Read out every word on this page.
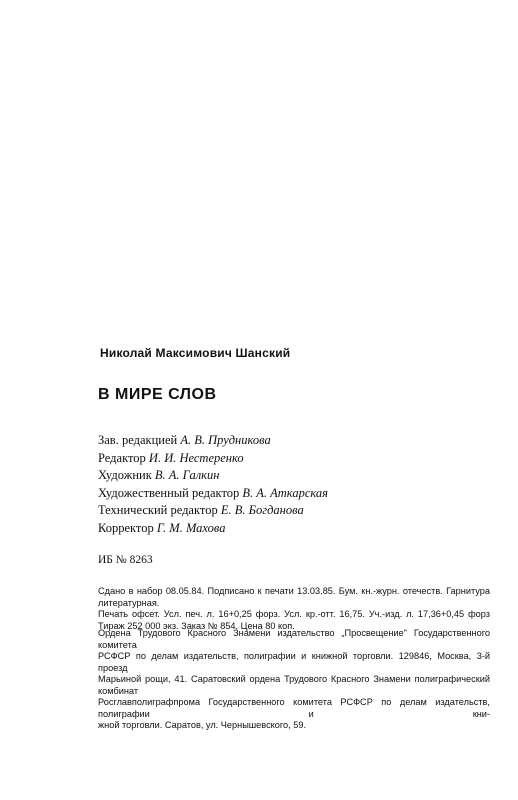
Николай Максимович Шанский
В МИРЕ СЛОВ
Зав. редакцией А. В. Прудникова
Редактор И. И. Нестеренко
Художник В. А. Галкин
Художественный редактор В. А. Аткарская
Технический редактор Е. В. Богданова
Корректор Г. М. Махова
ИБ № 8263
Сдано в набор 08.05.84. Подписано к печати 13.03.85. Бум. кн.-журн. отечеств. Гарнитура литературная.
Печать офсет. Усл. печ. л. 16+0,25 форз. Усл. кр.-отт. 16,75. Уч.-изд. л. 17,36+0,45 форз
Тираж 252 000 экз. Заказ № 854. Цена 80 коп.
Ордена Трудового Красного Знамени издательство „Просвещение" Государственного комитета
РСФСР по делам издательств, полиграфии и книжной торговли. 129846, Москва, 3-й проезд
Марьиной рощи, 41. Саратовский ордена Трудового Красного Знамени полиграфический комбинат
Росглавполиграфпрома Государственного комитета РСФСР по делам издательств, полиграфии и кни-
жной торговли. Саратов, ул. Чернышевского, 59.
